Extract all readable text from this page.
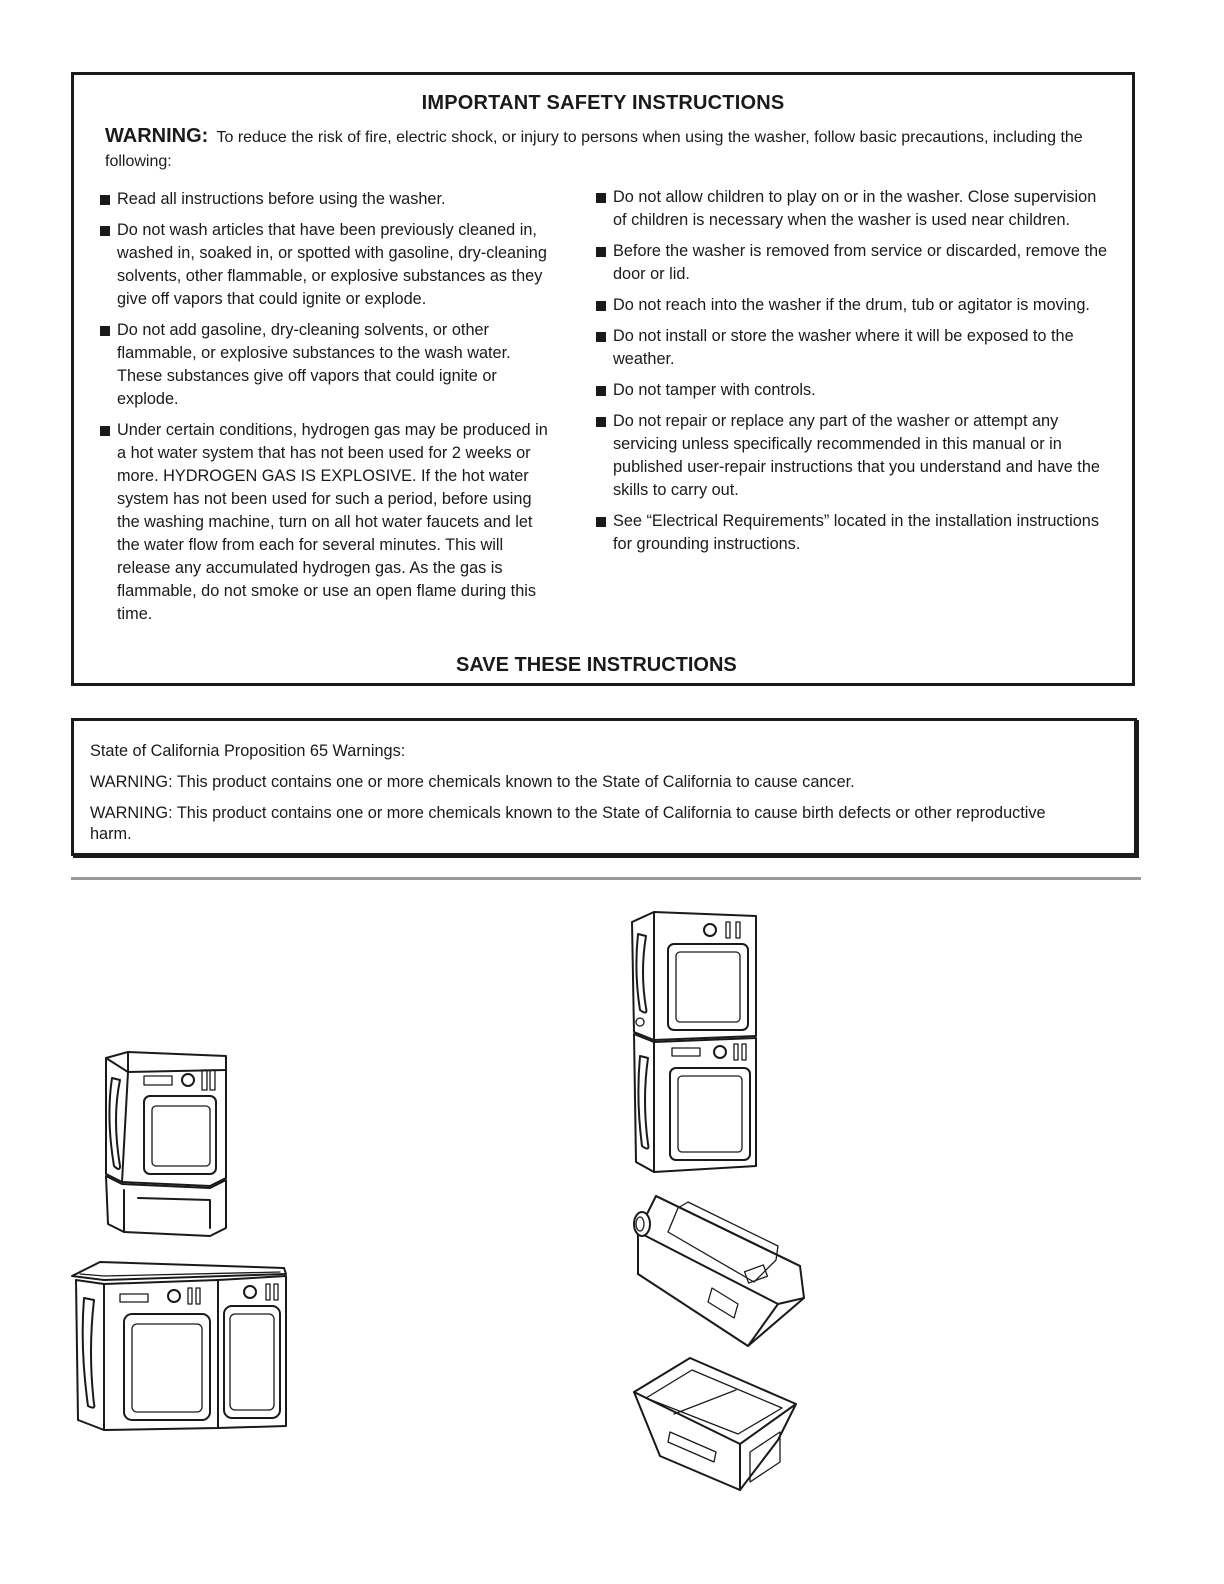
IMPORTANT SAFETY INSTRUCTIONS
WARNING: To reduce the risk of fire, electric shock, or injury to persons when using the washer, follow basic precautions, including the following:
Read all instructions before using the washer.
Do not wash articles that have been previously cleaned in, washed in, soaked in, or spotted with gasoline, dry-cleaning solvents, other flammable, or explosive substances as they give off vapors that could ignite or explode.
Do not add gasoline, dry-cleaning solvents, or other flammable, or explosive substances to the wash water. These substances give off vapors that could ignite or explode.
Under certain conditions, hydrogen gas may be produced in a hot water system that has not been used for 2 weeks or more. HYDROGEN GAS IS EXPLOSIVE. If the hot water system has not been used for such a period, before using the washing machine, turn on all hot water faucets and let the water flow from each for several minutes. This will release any accumulated hydrogen gas. As the gas is flammable, do not smoke or use an open flame during this time.
Do not allow children to play on or in the washer. Close supervision of children is necessary when the washer is used near children.
Before the washer is removed from service or discarded, remove the door or lid.
Do not reach into the washer if the drum, tub or agitator is moving.
Do not install or store the washer where it will be exposed to the weather.
Do not tamper with controls.
Do not repair or replace any part of the washer or attempt any servicing unless specifically recommended in this manual or in published user-repair instructions that you understand and have the skills to carry out.
See “Electrical Requirements” located in the installation instructions for grounding instructions.
SAVE THESE INSTRUCTIONS

State of California Proposition 65 Warnings:

WARNING: This product contains one or more chemicals known to the State of California to cause cancer.

WARNING: This product contains one or more chemicals known to the State of California to cause birth defects or other reproductive harm.
